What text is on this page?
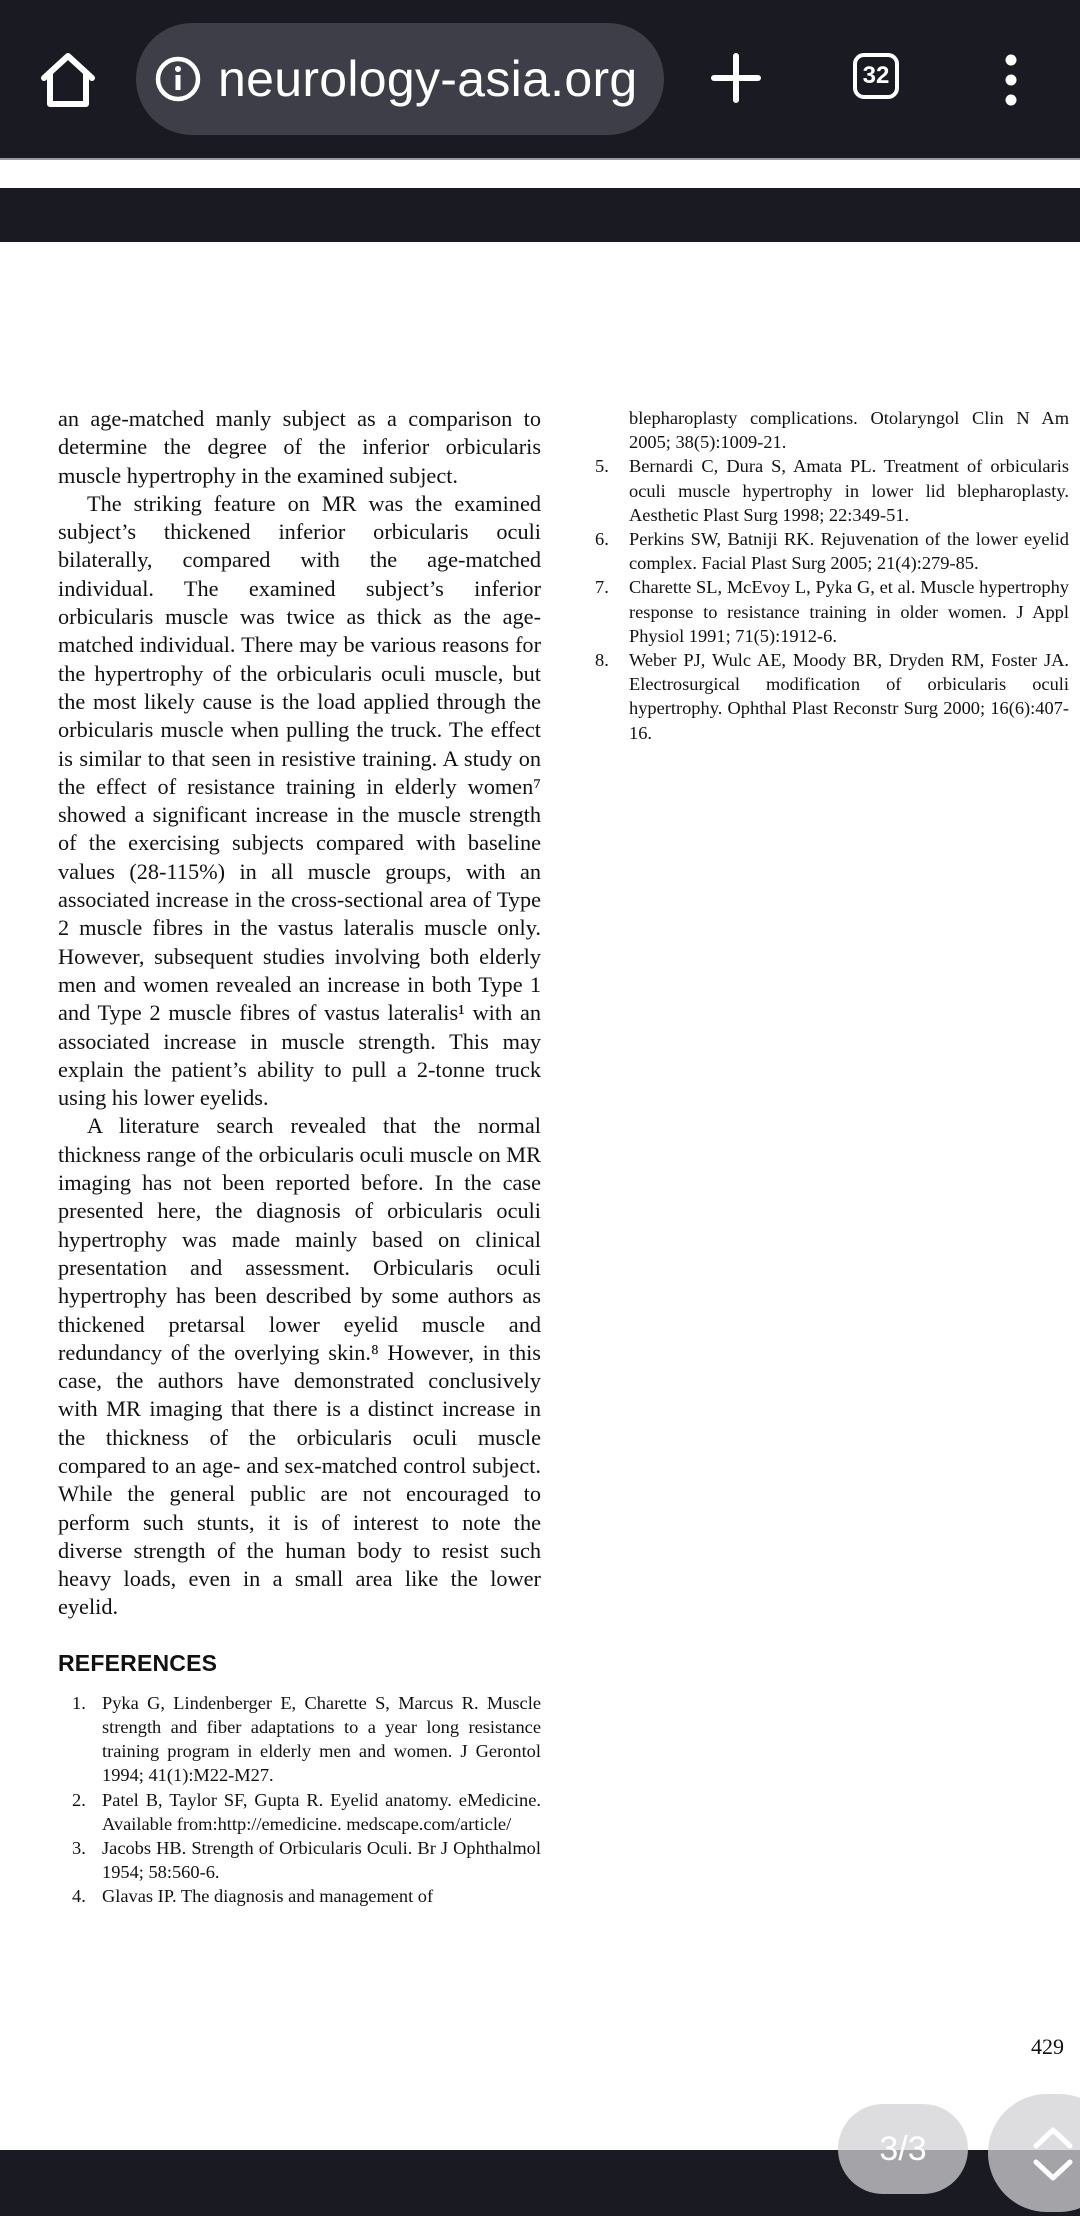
neurology-asia.org	32

an age-matched manly subject as a comparison to determine the degree of the inferior orbicularis muscle hypertrophy in the examined subject.

The striking feature on MR was the examined subject’s thickened inferior orbicularis oculi bilaterally, compared with the age-matched individual. The examined subject’s inferior orbicularis muscle was twice as thick as the age-matched individual. There may be various reasons for the hypertrophy of the orbicularis oculi muscle, but the most likely cause is the load applied through the orbicularis muscle when pulling the truck. The effect is similar to that seen in resistive training. A study on the effect of resistance training in elderly women⁷ showed a significant increase in the muscle strength of the exercising subjects compared with baseline values (28-115%) in all muscle groups, with an associated increase in the cross-sectional area of Type 2 muscle fibres in the vastus lateralis muscle only. However, subsequent studies involving both elderly men and women revealed an increase in both Type 1 and Type 2 muscle fibres of vastus lateralis¹ with an associated increase in muscle strength. This may explain the patient’s ability to pull a 2-tonne truck using his lower eyelids.

A literature search revealed that the normal thickness range of the orbicularis oculi muscle on MR imaging has not been reported before. In the case presented here, the diagnosis of orbicularis oculi hypertrophy was made mainly based on clinical presentation and assessment. Orbicularis oculi hypertrophy has been described by some authors as thickened pretarsal lower eyelid muscle and redundancy of the overlying skin.⁸ However, in this case, the authors have demonstrated conclusively with MR imaging that there is a distinct increase in the thickness of the orbicularis oculi muscle compared to an age- and sex-matched control subject. While the general public are not encouraged to perform such stunts, it is of interest to note the diverse strength of the human body to resist such heavy loads, even in a small area like the lower eyelid.

REFERENCES
1. Pyka G, Lindenberger E, Charette S, Marcus R. Muscle strength and fiber adaptations to a year long resistance training program in elderly men and women. J Gerontol 1994; 41(1):M22-M27.
2. Patel B, Taylor SF, Gupta R. Eyelid anatomy. eMedicine. Available from:http://emedicine. medscape.com/article/
3. Jacobs HB. Strength of Orbicularis Oculi. Br J Ophthalmol 1954; 58:560-6.
4. Glavas IP. The diagnosis and management of
blepharoplasty complications. Otolaryngol Clin N Am 2005; 38(5):1009-21.
5. Bernardi C, Dura S, Amata PL. Treatment of orbicularis oculi muscle hypertrophy in lower lid blepharoplasty. Aesthetic Plast Surg 1998; 22:349-51.
6. Perkins SW, Batniji RK. Rejuvenation of the lower eyelid complex. Facial Plast Surg 2005; 21(4):279-85.
7. Charette SL, McEvoy L, Pyka G, et al. Muscle hypertrophy response to resistance training in older women. J Appl Physiol 1991; 71(5):1912-6.
8. Weber PJ, Wulc AE, Moody BR, Dryden RM, Foster JA. Electrosurgical modification of orbicularis oculi hypertrophy. Ophthal Plast Reconstr Surg 2000; 16(6):407-16.
429
3/3
